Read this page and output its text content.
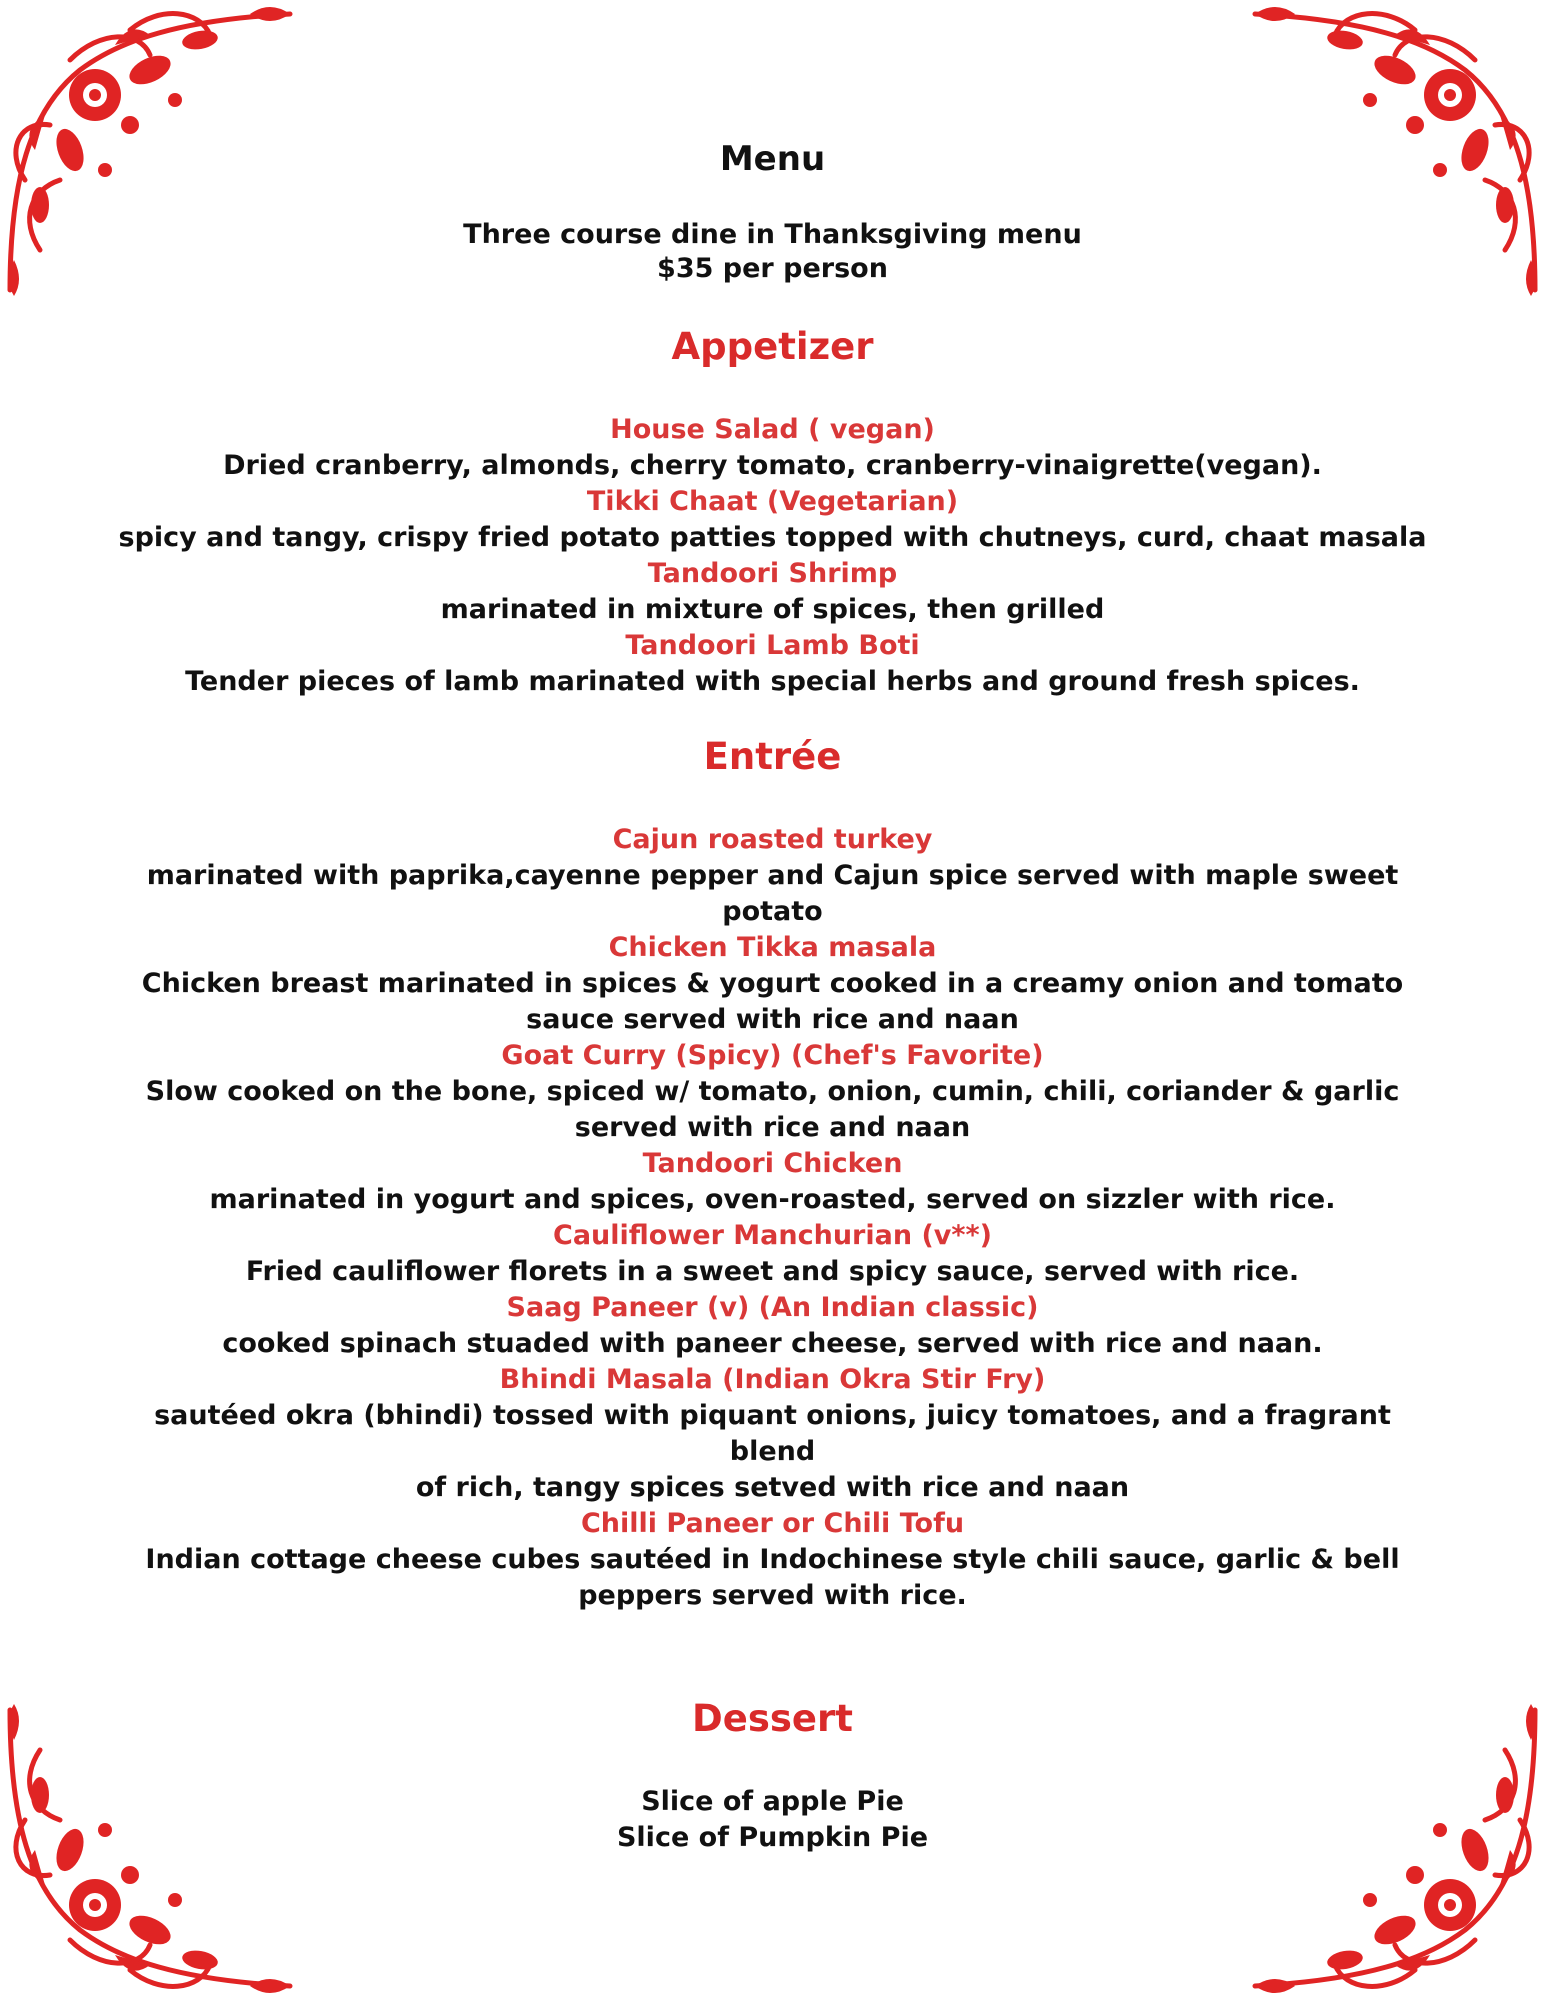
Menu
Three course dine in Thanksgiving menu
$35 per person
Appetizer
House Salad ( vegan)
Dried cranberry, almonds, cherry tomato, cranberry-vinaigrette(vegan).
Tikki Chaat (Vegetarian)
spicy and tangy, crispy fried potato patties topped with chutneys, curd, chaat masala
Tandoori Shrimp
marinated in mixture of spices, then grilled
Tandoori Lamb Boti
Tender pieces of lamb marinated with special herbs and ground fresh spices.
Entrée
Cajun roasted turkey
marinated with paprika,cayenne pepper and Cajun spice served with maple sweet
potato
Chicken Tikka masala
Chicken breast marinated in spices & yogurt cooked in a creamy onion and tomato
sauce served with rice and naan
Goat Curry (Spicy) (Chef's Favorite)
Slow cooked on the bone, spiced w/ tomato, onion, cumin, chili, coriander & garlic
served with rice and naan
Tandoori Chicken
marinated in yogurt and spices, oven-roasted, served on sizzler with rice.
Cauliflower Manchurian (v**)
Fried cauliflower florets in a sweet and spicy sauce, served with rice.
Saag Paneer (v) (An Indian classic)
cooked spinach stuaded with paneer cheese, served with rice and naan.
Bhindi Masala (Indian Okra Stir Fry)
sautéed okra (bhindi) tossed with piquant onions, juicy tomatoes, and a fragrant blend
of rich, tangy spices setved with rice and naan
Chilli Paneer or Chili Tofu
Indian cottage cheese cubes sautéed in Indochinese style chili sauce, garlic & bell
peppers served with rice.
Dessert
Slice of apple Pie
Slice of Pumpkin Pie
